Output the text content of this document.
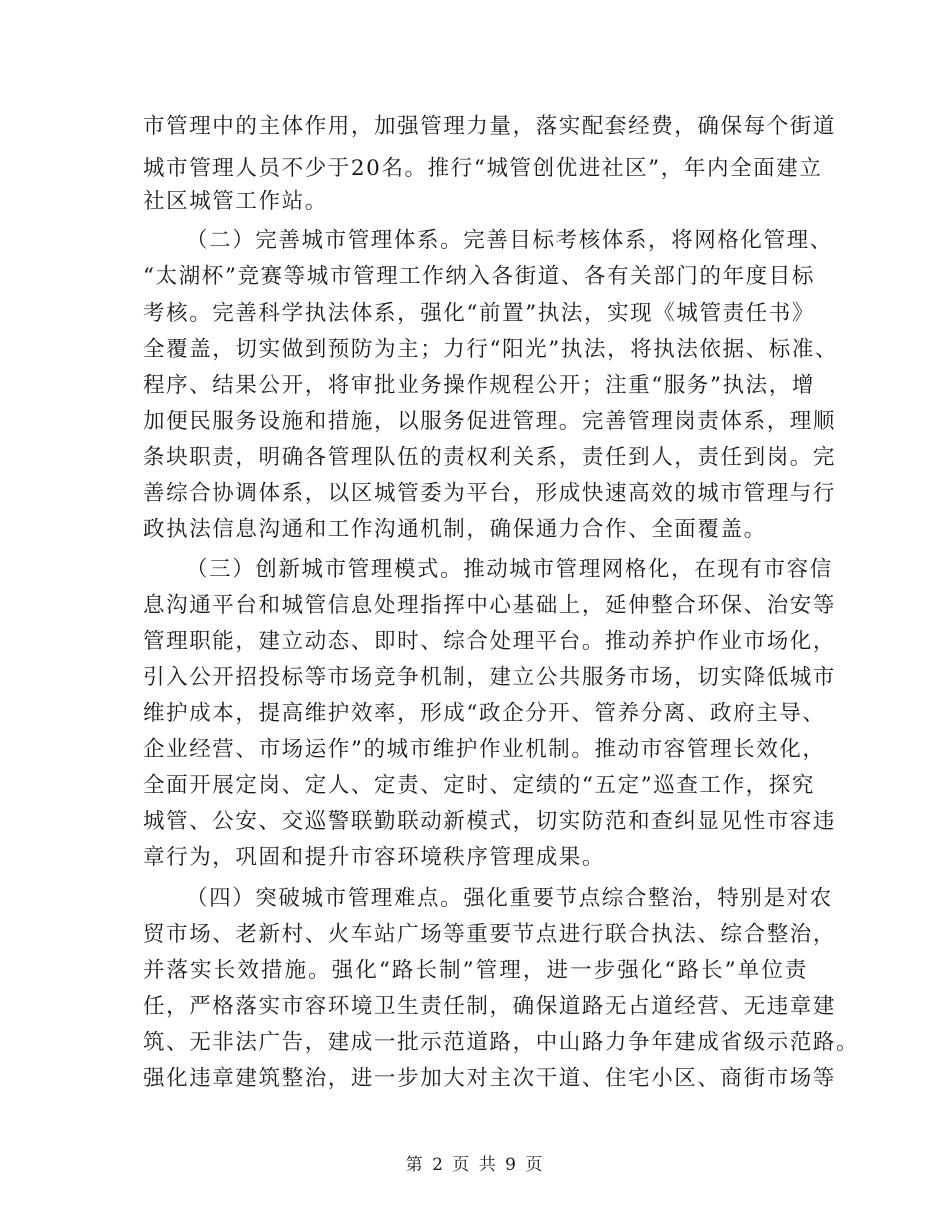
市管理中的主体作用，加强管理力量，落实配套经费，确保每个街道
城市管理人员不少于20名。推行“城管创优进社区”，年内全面建立
社区城管工作站。
（二）完善城市管理体系。完善目标考核体系，将网格化管理、
“太湖杯”竞赛等城市管理工作纳入各街道、各有关部门的年度目标
考核。完善科学执法体系，强化“前置”执法，实现《城管责任书》
全覆盖，切实做到预防为主；力行“阳光”执法，将执法依据、标准、
程序、结果公开，将审批业务操作规程公开；注重“服务”执法，增
加便民服务设施和措施，以服务促进管理。完善管理岗责体系，理顺
条块职责，明确各管理队伍的责权利关系，责任到人，责任到岗。完
善综合协调体系，以区城管委为平台，形成快速高效的城市管理与行
政执法信息沟通和工作沟通机制，确保通力合作、全面覆盖。
（三）创新城市管理模式。推动城市管理网格化，在现有市容信
息沟通平台和城管信息处理指挥中心基础上，延伸整合环保、治安等
管理职能，建立动态、即时、综合处理平台。推动养护作业市场化，
引入公开招投标等市场竞争机制，建立公共服务市场，切实降低城市
维护成本，提高维护效率，形成“政企分开、管养分离、政府主导、
企业经营、市场运作”的城市维护作业机制。推动市容管理长效化，
全面开展定岗、定人、定责、定时、定绩的“五定”巡查工作，探究
城管、公安、交巡警联勤联动新模式，切实防范和查纠显见性市容违
章行为，巩固和提升市容环境秩序管理成果。
（四）突破城市管理难点。强化重要节点综合整治，特别是对农
贸市场、老新村、火车站广场等重要节点进行联合执法、综合整治，
并落实长效措施。强化“路长制”管理，进一步强化“路长”单位责
任，严格落实市容环境卫生责任制，确保道路无占道经营、无违章建
筑、无非法广告，建成一批示范道路，中山路力争年建成省级示范路。
强化违章建筑整治，进一步加大对主次干道、住宅小区、商街市场等
第 2 页 共 9 页
